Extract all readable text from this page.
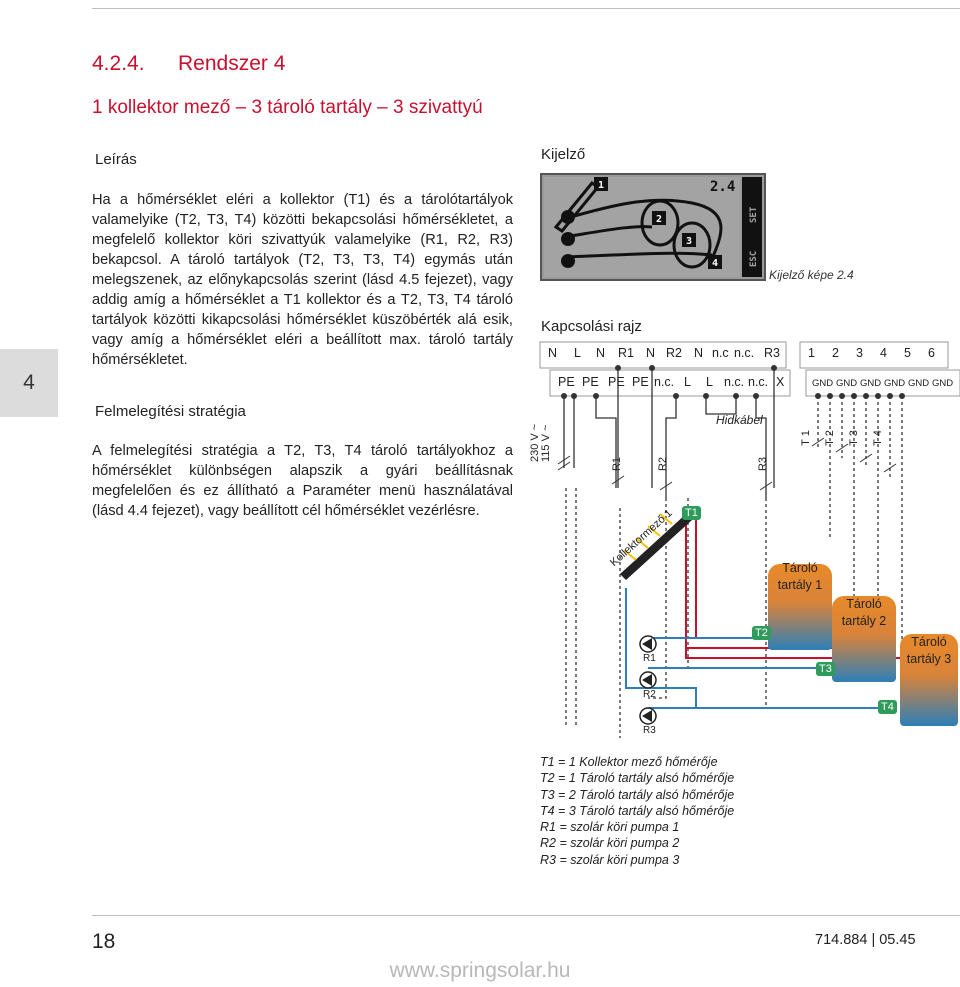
4.2.4. Rendszer 4
1 kollektor mező – 3 tároló tartály – 3 szivattyú
4
Leírás
Ha a hőmérséklet eléri a kollektor (T1) és a tárolótartályok valamelyike (T2, T3, T4) közötti bekapcsolási hőmérsékletet, a megfelelő kollektor köri szivattyúk valamelyike (R1, R2, R3) bekapcsol. A tároló tartályok (T2, T3, T3, T4) egymás után melegszenek, az előnykapcsolás szerint (lásd 4.5 fejezet), vagy addig amíg a hőmérséklet a T1 kollektor és a T2, T3, T4 tároló tartályok közötti kikapcsolási hőmérséklet küszöbérték alá esik, vagy amíg a hőmérséklet eléri a beállított max. tároló tartály hőmérsékletet.
Felmelegítési stratégia
A felmelegítési stratégia a T2, T3, T4 tároló tartályokhoz a hőmérséklet különbségen alapszik a gyári beállításnak megfelelően és ez állítható a Paraméter menü használatával (lásd 4.4 fejezet), vagy beállított cél hőmérséklet vezérlésre.
Kijelző
1
2
3
4
2.4
SET
ESC
Kijelző képe 2.4
Kapcsolási rajz
N L N R1 N R2 N n.c n.c. R3 1 2 3 4 5 6
PE PE PE PE n.c. L L n.c. n.c. X	GND GND GND GND GND GND
Hidkábel
230 V ~
115 V ~
R1	R2	R3
T 1 T 2 T 3 T 4
Kollektormező 1
R1
R2
R3
Tároló tartály 1
Tároló tartály 2
Tároló tartály 3
T1
T2
T3
T4
T1 = 1 Kollektor mező hőmérője
T2 = 1 Tároló tartály alsó hőmérője
T3 = 2 Tároló tartály alsó hőmérője
T4 = 3 Tároló tartály alsó hőmérője
R1 = szolár köri pumpa 1
R2 = szolár köri pumpa 2
R3 = szolár köri pumpa 3
18	714.884 | 05.45
www.springsolar.hu
